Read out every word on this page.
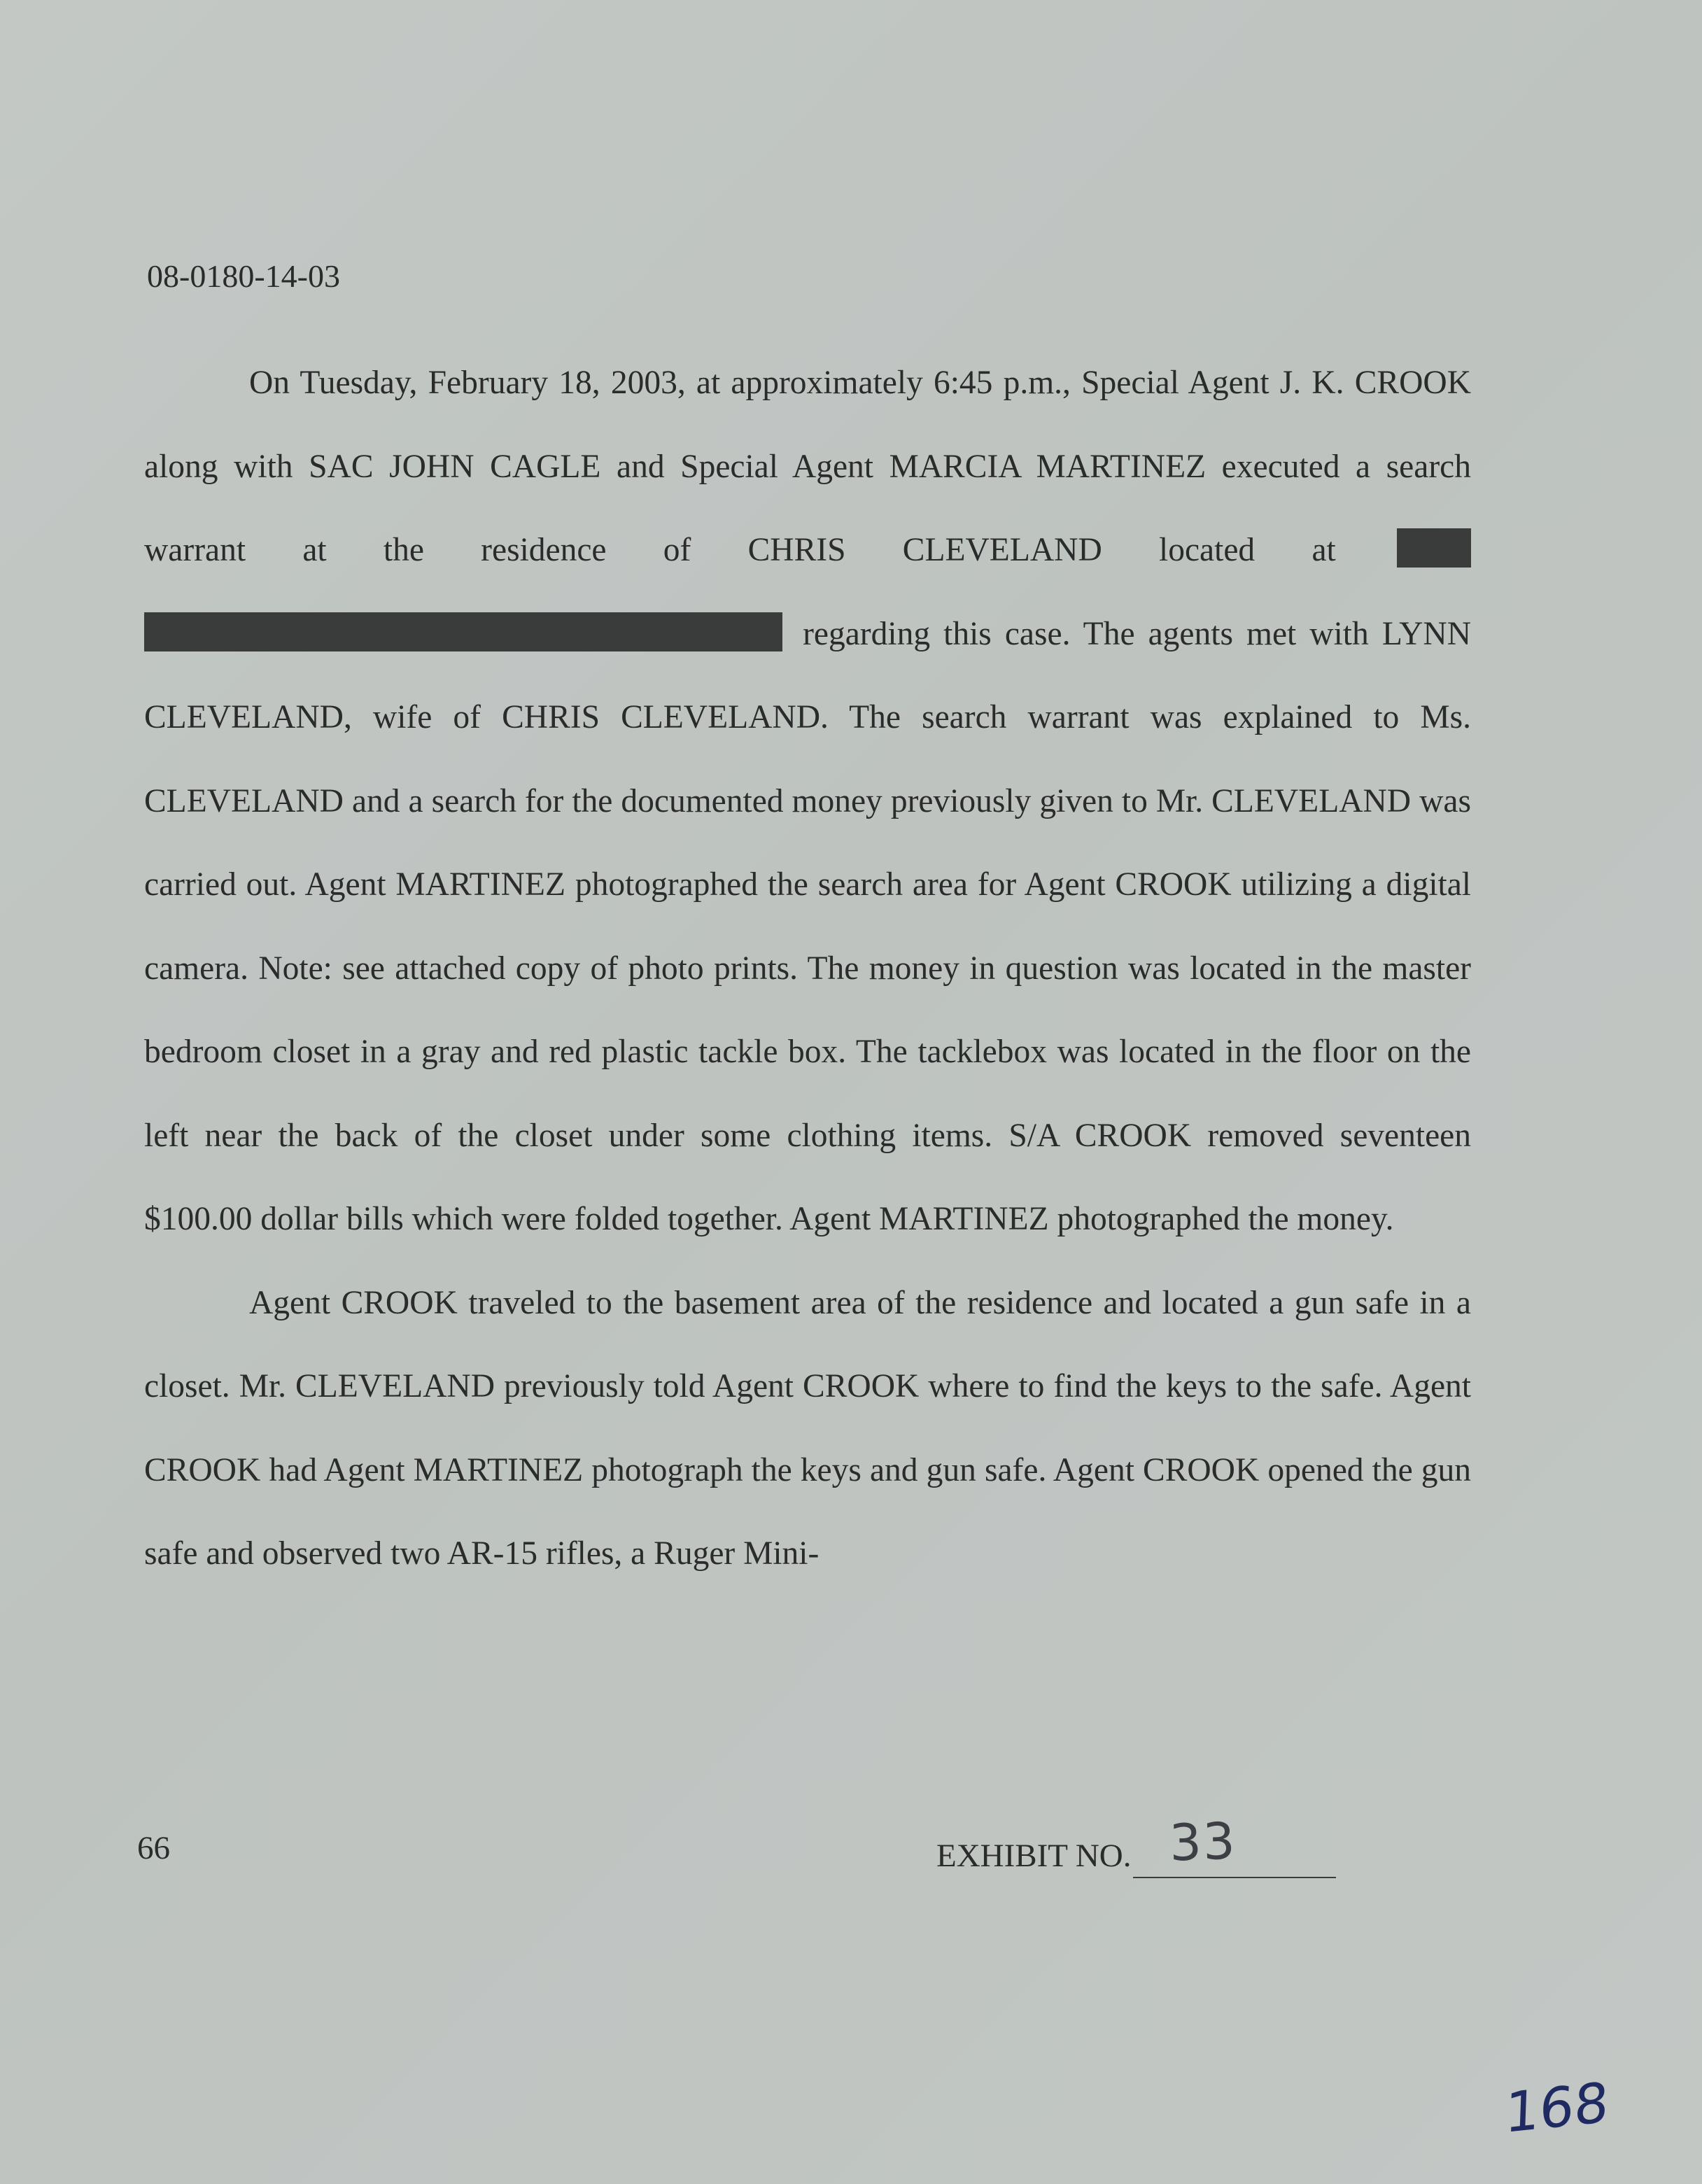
08-0180-14-03

On Tuesday, February 18, 2003, at approximately 6:45 p.m., Special Agent J. K. CROOK along with SAC JOHN CAGLE and Special Agent MARCIA MARTINEZ executed a search warrant at the residence of CHRIS CLEVELAND located at   regarding this case. The agents met with LYNN CLEVELAND, wife of CHRIS CLEVELAND. The search warrant was explained to Ms. CLEVELAND and a search for the documented money previously given to Mr. CLEVELAND was carried out. Agent MARTINEZ photographed the search area for Agent CROOK utilizing a digital camera. Note: see attached copy of photo prints. The money in question was located in the master bedroom closet in a gray and red plastic tackle box. The tacklebox was located in the floor on the left near the back of the closet under some clothing items. S/A CROOK removed seventeen $100.00 dollar bills which were folded together. Agent MARTINEZ photographed the money.

Agent CROOK traveled to the basement area of the residence and located a gun safe in a closet. Mr. CLEVELAND previously told Agent CROOK where to find the keys to the safe. Agent CROOK had Agent MARTINEZ photograph the keys and gun safe. Agent CROOK opened the gun safe and observed two AR-15 rifles, a Ruger Mini-

66	EXHIBIT NO. 33
168
